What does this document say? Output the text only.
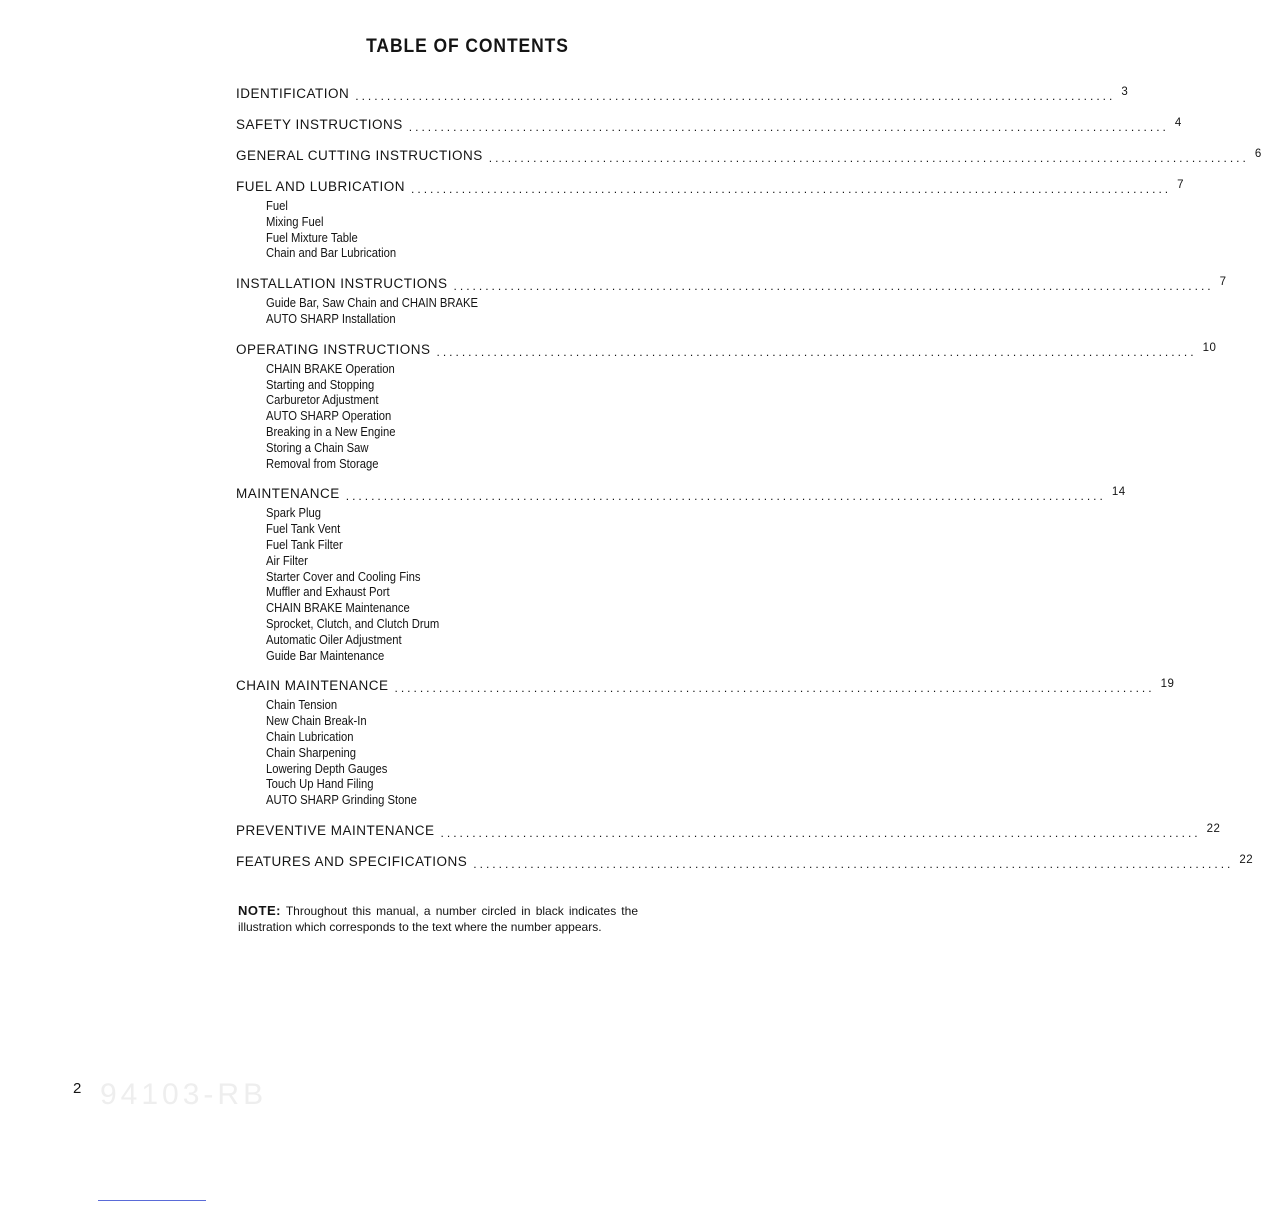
94103-RB
TABLE OF CONTENTS
IDENTIFICATION ........................................................................................................................ 3
SAFETY INSTRUCTIONS ........................................................................................................................ 4
GENERAL CUTTING INSTRUCTIONS ........................................................................................................................ 6
FUEL AND LUBRICATION ........................................................................................................................ 7
Fuel
Mixing Fuel
Fuel Mixture Table
Chain and Bar Lubrication
INSTALLATION INSTRUCTIONS ........................................................................................................................ 7
Guide Bar, Saw Chain and CHAIN BRAKE
AUTO SHARP Installation
OPERATING INSTRUCTIONS ........................................................................................................................ 10
CHAIN BRAKE Operation
Starting and Stopping
Carburetor Adjustment
AUTO SHARP Operation
Breaking in a New Engine
Storing a Chain Saw
Removal from Storage
MAINTENANCE ........................................................................................................................ 14
Spark Plug
Fuel Tank Vent
Fuel Tank Filter
Air Filter
Starter Cover and Cooling Fins
Muffler and Exhaust Port
CHAIN BRAKE Maintenance
Sprocket, Clutch, and Clutch Drum
Automatic Oiler Adjustment
Guide Bar Maintenance
CHAIN MAINTENANCE ........................................................................................................................ 19
Chain Tension
New Chain Break-In
Chain Lubrication
Chain Sharpening
Lowering Depth Gauges
Touch Up Hand Filing
AUTO SHARP Grinding Stone
PREVENTIVE MAINTENANCE ........................................................................................................................ 22
FEATURES AND SPECIFICATIONS ........................................................................................................................ 22
NOTE: Throughout this manual, a number circled in black indicates the illustration which corresponds to the text where the number appears.
2
